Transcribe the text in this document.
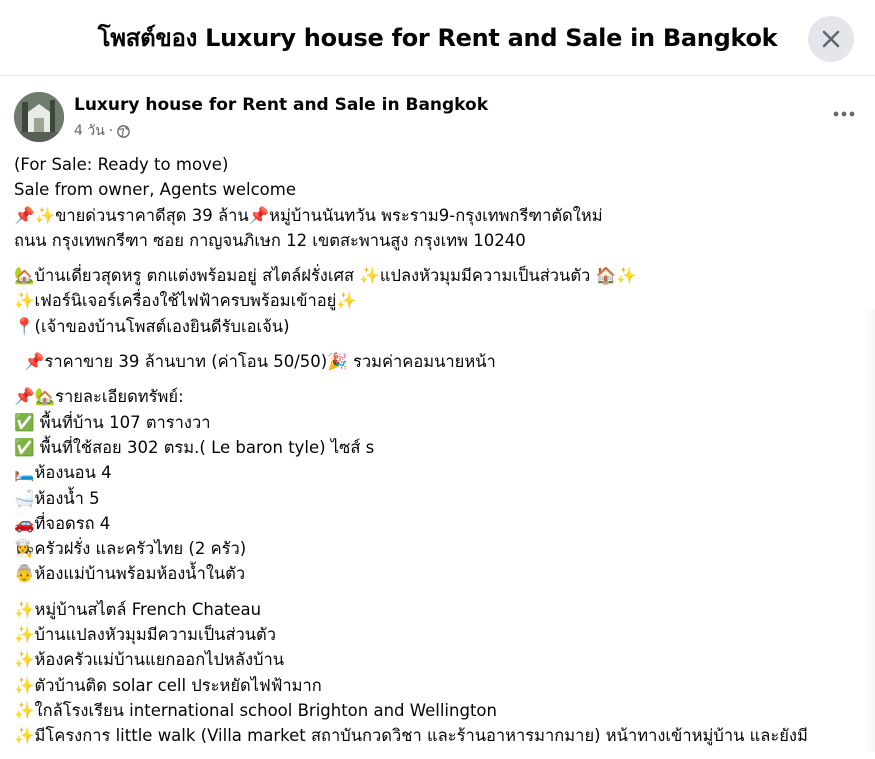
โพสต์ของ Luxury house for Rent and Sale in Bangkok
Luxury house for Rent and Sale in Bangkok
4 วัน ·
(For Sale: Ready to move)
Sale from owner, Agents welcome
📌✨ขายด่วนราคาดีสุด 39 ล้าน📌หมู่บ้านนันทวัน พระราม9-กรุงเทพกรีฑาตัดใหม่
ถนน กรุงเทพกรีฑา ซอย กาญจนภิเษก 12 เขตสะพานสูง กรุงเทพ 10240
🏡บ้านเดี่ยวสุดหรู ตกแต่งพร้อมอยู่ สไตล์ฝรั่งเศส ✨แปลงหัวมุมมีความเป็นส่วนตัว 🏠✨
✨เฟอร์นิเจอร์เครื่องใช้ไฟฟ้าครบพร้อมเข้าอยู่✨
📍(เจ้าของบ้านโพสต์เองยินดีรับเอเจ้น)
📌ราคาขาย 39 ล้านบาท (ค่าโอน 50/50)🎉 รวมค่าคอมนายหน้า
📌🏡รายละเอียดทรัพย์:
✅ พื้นที่บ้าน 107 ตารางวา
✅ พื้นที่ใช้สอย 302 ตรม.( Le baron tyle) ไซส์ s
🛏️ห้องนอน 4
🛁ห้องน้ำ 5
🚗ที่จอดรถ 4
👩‍🍳ครัวฝรั่ง และครัวไทย (2 ครัว)
👵ห้องแม่บ้านพร้อมห้องน้ำในตัว
✨หมู่บ้านสไตล์ French Chateau
✨บ้านแปลงหัวมุมมีความเป็นส่วนตัว
✨ห้องครัวแม่บ้านแยกออกไปหลังบ้าน
✨ตัวบ้านติด solar cell ประหยัดไฟฟ้ามาก
✨ใกล้โรงเรียน international school Brighton and Wellington
✨มีโครงการ little walk (Villa market สถาบันกวดวิชา และร้านอาหารมากมาย) หน้าทางเข้าหมู่บ้าน และยังมี
